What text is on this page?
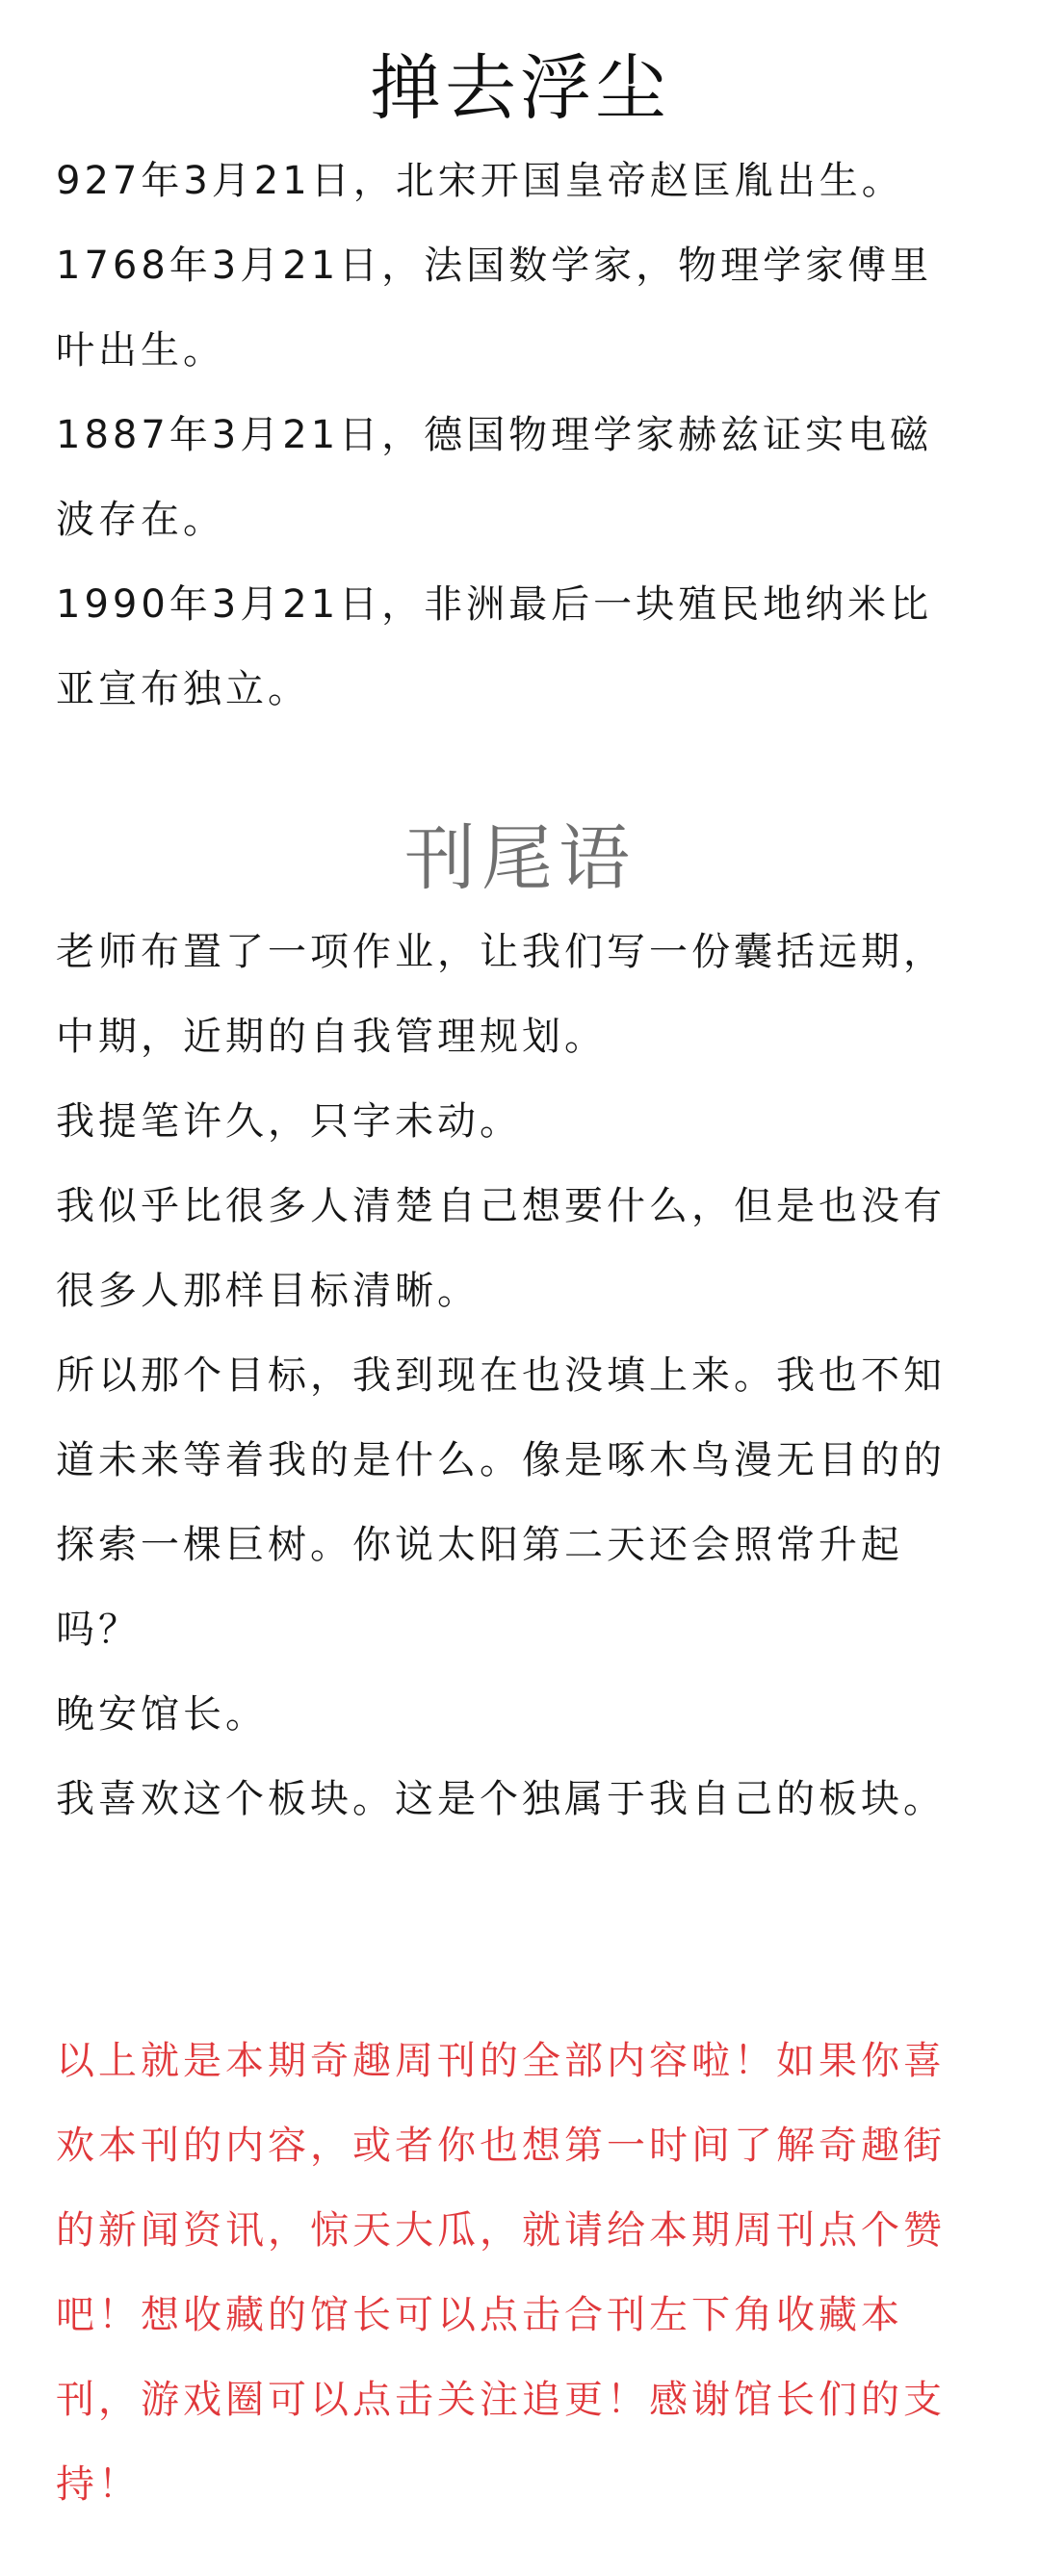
掸去浮尘

927年3月21日，北宋开国皇帝赵匡胤出生。

1768年3月21日，法国数学家，物理学家傅里叶出生。

1887年3月21日，德国物理学家赫兹证实电磁波存在。

1990年3月21日，非洲最后一块殖民地纳米比亚宣布独立。

刊尾语

老师布置了一项作业，让我们写一份囊括远期，中期，近期的自我管理规划。

我提笔许久，只字未动。

我似乎比很多人清楚自己想要什么，但是也没有很多人那样目标清晰。

所以那个目标，我到现在也没填上来。我也不知道未来等着我的是什么。像是啄木鸟漫无目的的探索一棵巨树。你说太阳第二天还会照常升起吗？

晚安馆长。

我喜欢这个板块。这是个独属于我自己的板块。

以上就是本期奇趣周刊的全部内容啦！如果你喜欢本刊的内容，或者你也想第一时间了解奇趣街的新闻资讯，惊天大瓜，就请给本期周刊点个赞吧！想收藏的馆长可以点击合刊左下角收藏本刊，游戏圈可以点击关注追更！感谢馆长们的支持！
